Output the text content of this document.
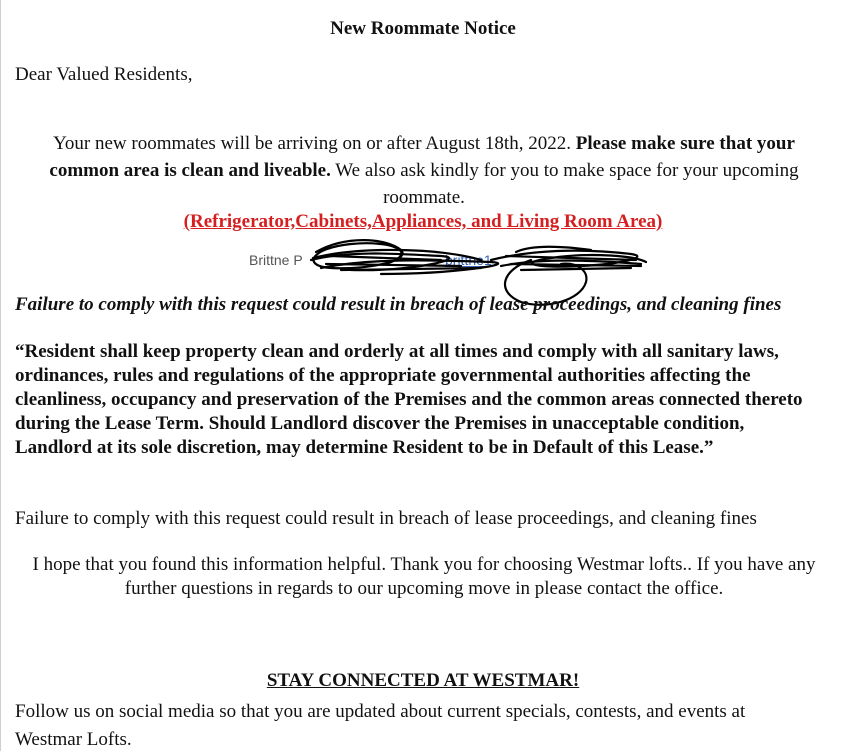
New Roommate Notice
Dear Valued Residents,
Your new roommates will be arriving on or after August 18th, 2022. Please make sure that your common area is clean and liveable. We also ask kindly for you to make space for your upcoming roommate.
(Refrigerator,Cabinets,Appliances, and Living Room Area)
Brittne P	brittne1
Failure to comply with this request could result in breach of lease proceedings, and cleaning fines
“Resident shall keep property clean and orderly at all times and comply with all sanitary laws, ordinances, rules and regulations of the appropriate governmental authorities affecting the cleanliness, occupancy and preservation of the Premises and the common areas connected thereto during the Lease Term. Should Landlord discover the Premises in unacceptable condition, Landlord at its sole discretion, may determine Resident to be in Default of this Lease.”
Failure to comply with this request could result in breach of lease proceedings, and cleaning fines
I hope that you found this information helpful. Thank you for choosing Westmar lofts.. If you have any further questions in regards to our upcoming move in please contact the office.
STAY CONNECTED AT WESTMAR!
Follow us on social media so that you are updated about current specials, contests, and events at Westmar Lofts.
